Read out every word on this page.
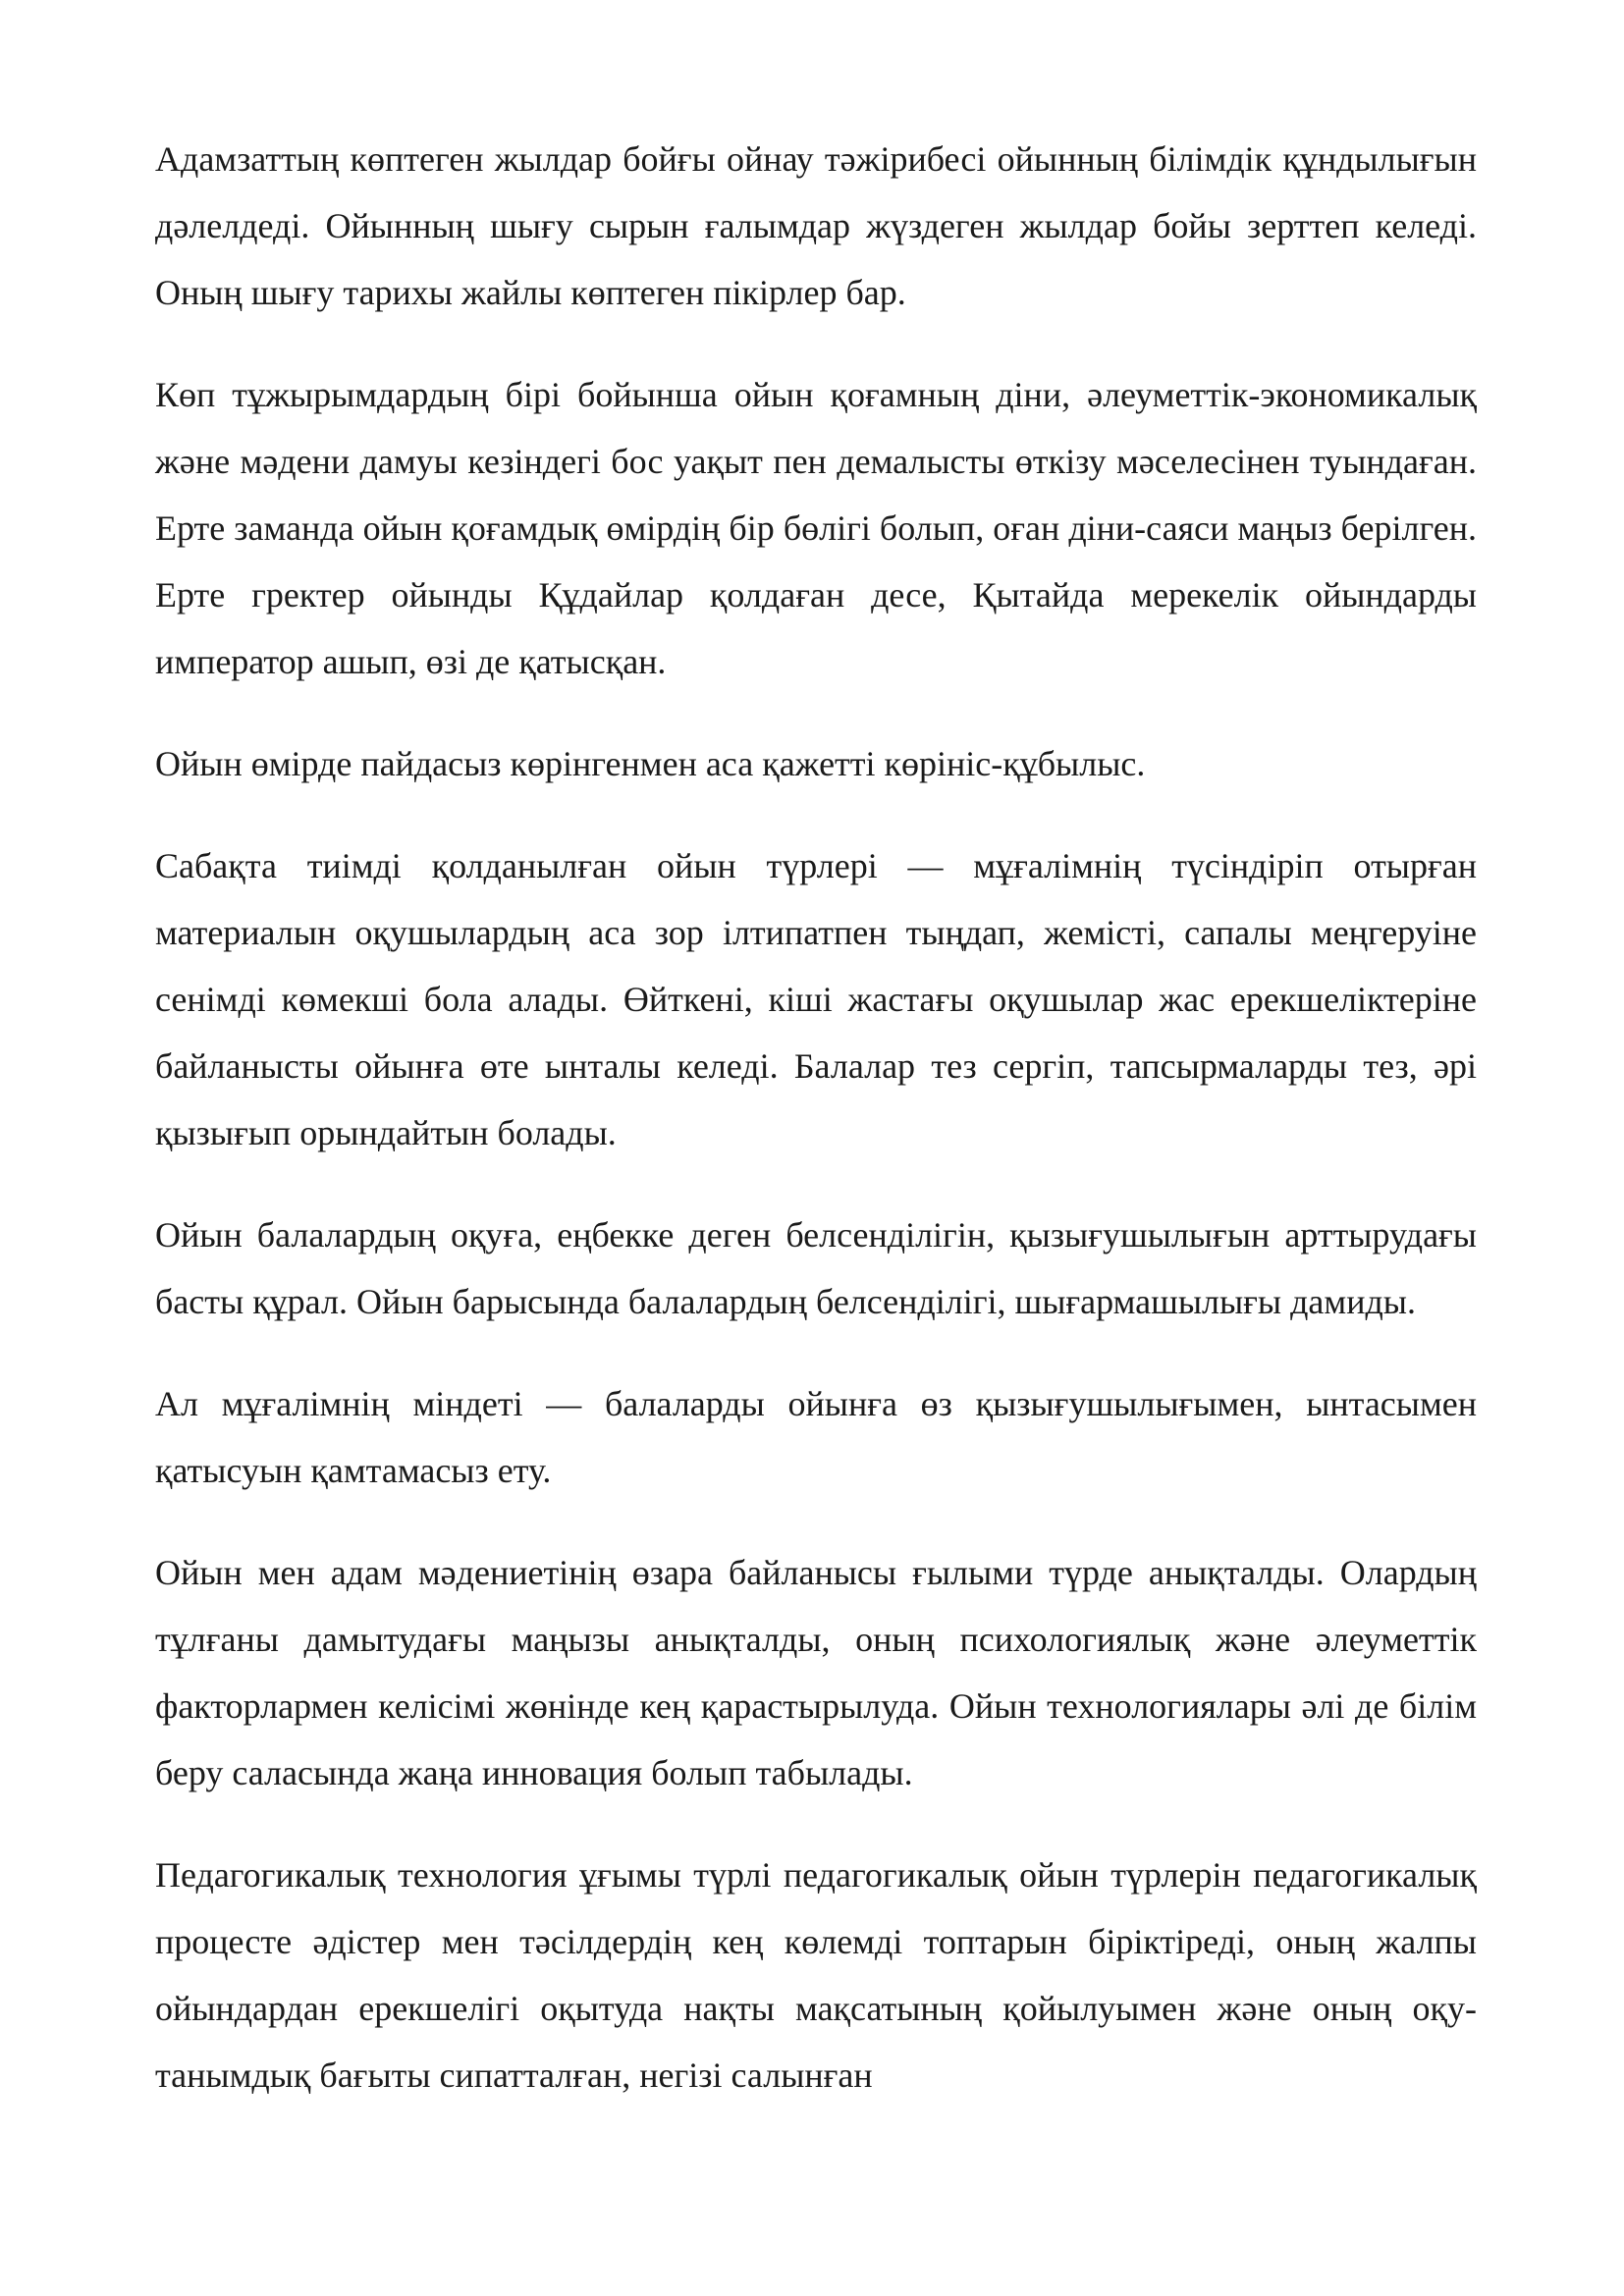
Адамзаттың көптеген жылдар бойғы ойнау тәжірибесі ойынның білімдік құндылығын дәлелдеді. Ойынның шығу сырын ғалымдар жүздеген жылдар бойы зерттеп келеді. Оның шығу тарихы жайлы көптеген пікірлер бар.

Көп тұжырымдардың бірі бойынша ойын қоғамның діни, әлеуметтік-экономикалық және мәдени дамуы кезіндегі бос уақыт пен демалысты өткізу мәселесінен туындаған. Ерте заманда ойын қоғамдық өмірдің бір бөлігі болып, оған діни-саяси маңыз берілген. Ерте гректер ойынды Құдайлар қолдаған десе, Қытайда мерекелік ойындарды император ашып, өзі де қатысқан.

Ойын өмірде пайдасыз көрінгенмен аса қажетті көрініс-құбылыс.

Сабақта тиімді қолданылған ойын түрлері — мұғалімнің түсіндіріп отырған материалын оқушылардың аса зор ілтипатпен тыңдап, жемісті, сапалы меңгеруіне сенімді көмекші бола алады. Өйткені, кіші жастағы оқушылар жас ерекшеліктеріне байланысты ойынға өте ынталы келеді. Балалар тез сергіп, тапсырмаларды тез, әрі қызығып орындайтын болады.

Ойын балалардың оқуға, еңбекке деген белсенділігін, қызығушылығын арттырудағы басты құрал. Ойын барысында балалардың белсенділігі, шығармашылығы дамиды.

Ал мұғалімнің міндеті — балаларды ойынға өз қызығушылығымен, ынтасымен қатысуын қамтамасыз ету.

Ойын мен адам мәдениетінің өзара байланысы ғылыми түрде анықталды. Олардың тұлғаны дамытудағы маңызы анықталды, оның психологиялық және әлеуметтік факторлармен келісімі жөнінде кең қарастырылуда. Ойын технологиялары әлі де білім беру саласында жаңа инновация болып табылады.

Педагогикалық технология ұғымы түрлі педагогикалық ойын түрлерін педагогикалық процесте әдістер мен тәсілдердің кең көлемді топтарын біріктіреді, оның жалпы ойындардан ерекшелігі оқытуда нақты мақсатының қойылуымен және оның оқу-танымдық бағыты сипатталған, негізі салынған
